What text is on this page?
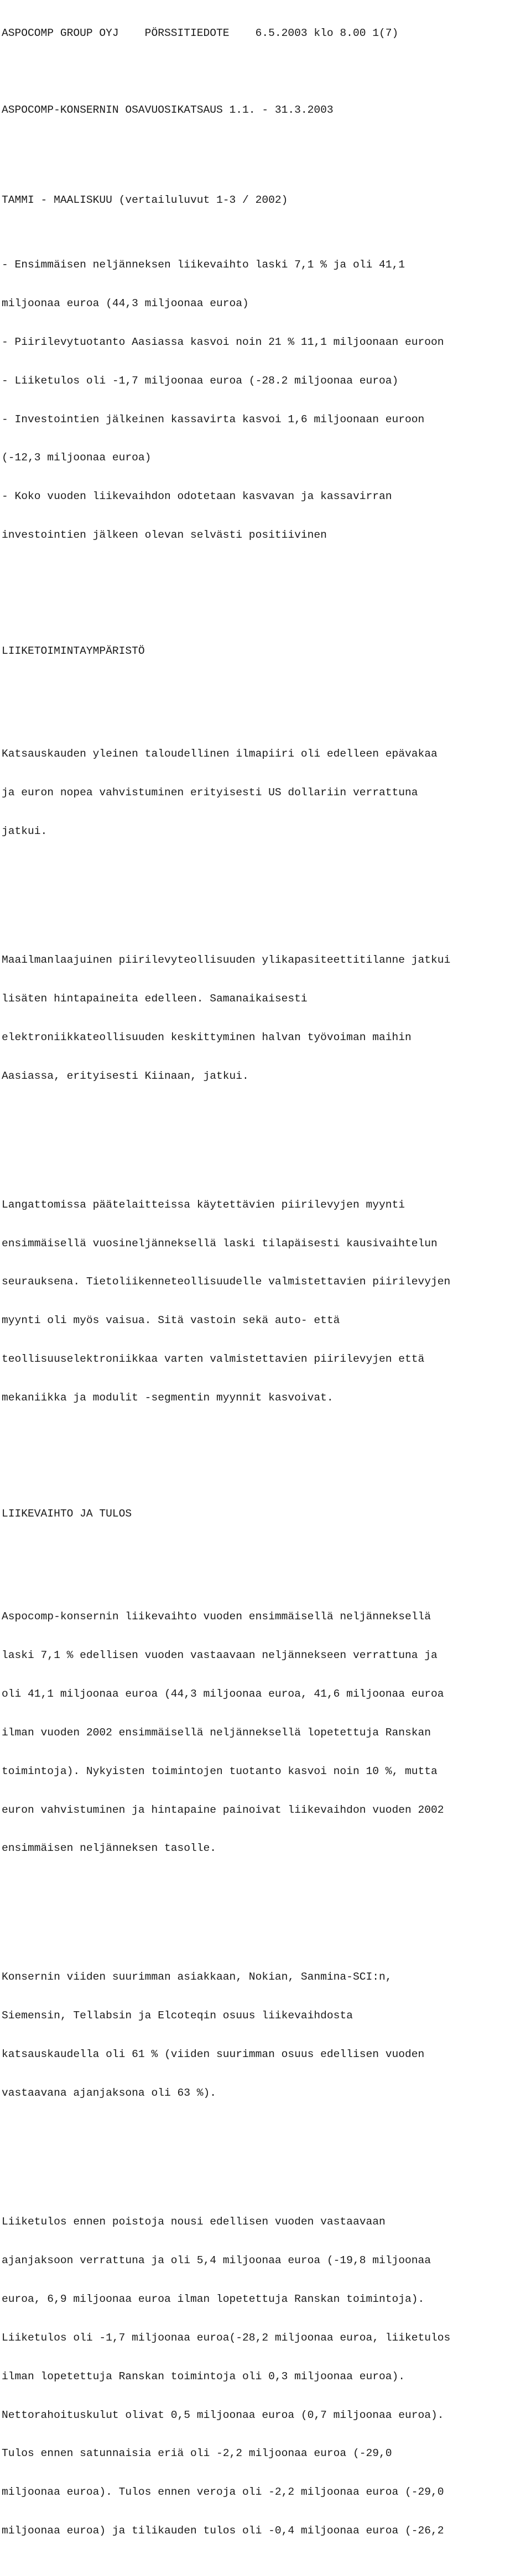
ASPOCOMP GROUP OYJ    PÖRSSITIEDOTE    6.5.2003 klo 8.00 1(7)

ASPOCOMP-KONSERNIN OSAVUOSIKATSAUS 1.1. - 31.3.2003

TAMMI - MAALISKUU (vertailuluvut 1-3 / 2002)

- Ensimmäisen neljänneksen liikevaihto laski 7,1 % ja oli 41,1

miljoonaa euroa (44,3 miljoonaa euroa)

- Piirilevytuotanto Aasiassa kasvoi noin 21 % 11,1 miljoonaan euroon

- Liiketulos oli -1,7 miljoonaa euroa (-28.2 miljoonaa euroa)

- Investointien jälkeinen kassavirta kasvoi 1,6 miljoonaan euroon

(-12,3 miljoonaa euroa)

- Koko vuoden liikevaihdon odotetaan kasvavan ja kassavirran

investointien jälkeen olevan selvästi positiivinen

LIIKETOIMINTAYMPÄRISTÖ

Katsauskauden yleinen taloudellinen ilmapiiri oli edelleen epävakaa

ja euron nopea vahvistuminen erityisesti US dollariin verrattuna

jatkui.

Maailmanlaajuinen piirilevyteollisuuden ylikapasiteettitilanne jatkui

lisäten hintapaineita edelleen. Samanaikaisesti

elektroniikkateollisuuden keskittyminen halvan työvoiman maihin

Aasiassa, erityisesti Kiinaan, jatkui.

Langattomissa päätelaitteissa käytettävien piirilevyjen myynti

ensimmäisellä vuosineljänneksellä laski tilapäisesti kausivaihtelun

seurauksena. Tietoliikenneteollisuudelle valmistettavien piirilevyjen

myynti oli myös vaisua. Sitä vastoin sekä auto- että

teollisuuselektroniikkaa varten valmistettavien piirilevyjen että

mekaniikka ja modulit -segmentin myynnit kasvoivat.

LIIKEVAIHTO JA TULOS

Aspocomp-konsernin liikevaihto vuoden ensimmäisellä neljänneksellä

laski 7,1 % edellisen vuoden vastaavaan neljännekseen verrattuna ja

oli 41,1 miljoonaa euroa (44,3 miljoonaa euroa, 41,6 miljoonaa euroa

ilman vuoden 2002 ensimmäisellä neljänneksellä lopetettuja Ranskan

toimintoja). Nykyisten toimintojen tuotanto kasvoi noin 10 %, mutta

euron vahvistuminen ja hintapaine painoivat liikevaihdon vuoden 2002

ensimmäisen neljänneksen tasolle.

Konsernin viiden suurimman asiakkaan, Nokian, Sanmina-SCI:n,

Siemensin, Tellabsin ja Elcoteqin osuus liikevaihdosta

katsauskaudella oli 61 % (viiden suurimman osuus edellisen vuoden

vastaavana ajanjaksona oli 63 %).

Liiketulos ennen poistoja nousi edellisen vuoden vastaavaan

ajanjaksoon verrattuna ja oli 5,4 miljoonaa euroa (-19,8 miljoonaa

euroa, 6,9 miljoonaa euroa ilman lopetettuja Ranskan toimintoja).

Liiketulos oli -1,7 miljoonaa euroa(-28,2 miljoonaa euroa, liiketulos

ilman lopetettuja Ranskan toimintoja oli 0,3 miljoonaa euroa).

Nettorahoituskulut olivat 0,5 miljoonaa euroa (0,7 miljoonaa euroa).

Tulos ennen satunnaisia eriä oli -2,2 miljoonaa euroa (-29,0

miljoonaa euroa). Tulos ennen veroja oli -2,2 miljoonaa euroa (-29,0

miljoonaa euroa) ja tilikauden tulos oli -0,4 miljoonaa euroa (-26,2
